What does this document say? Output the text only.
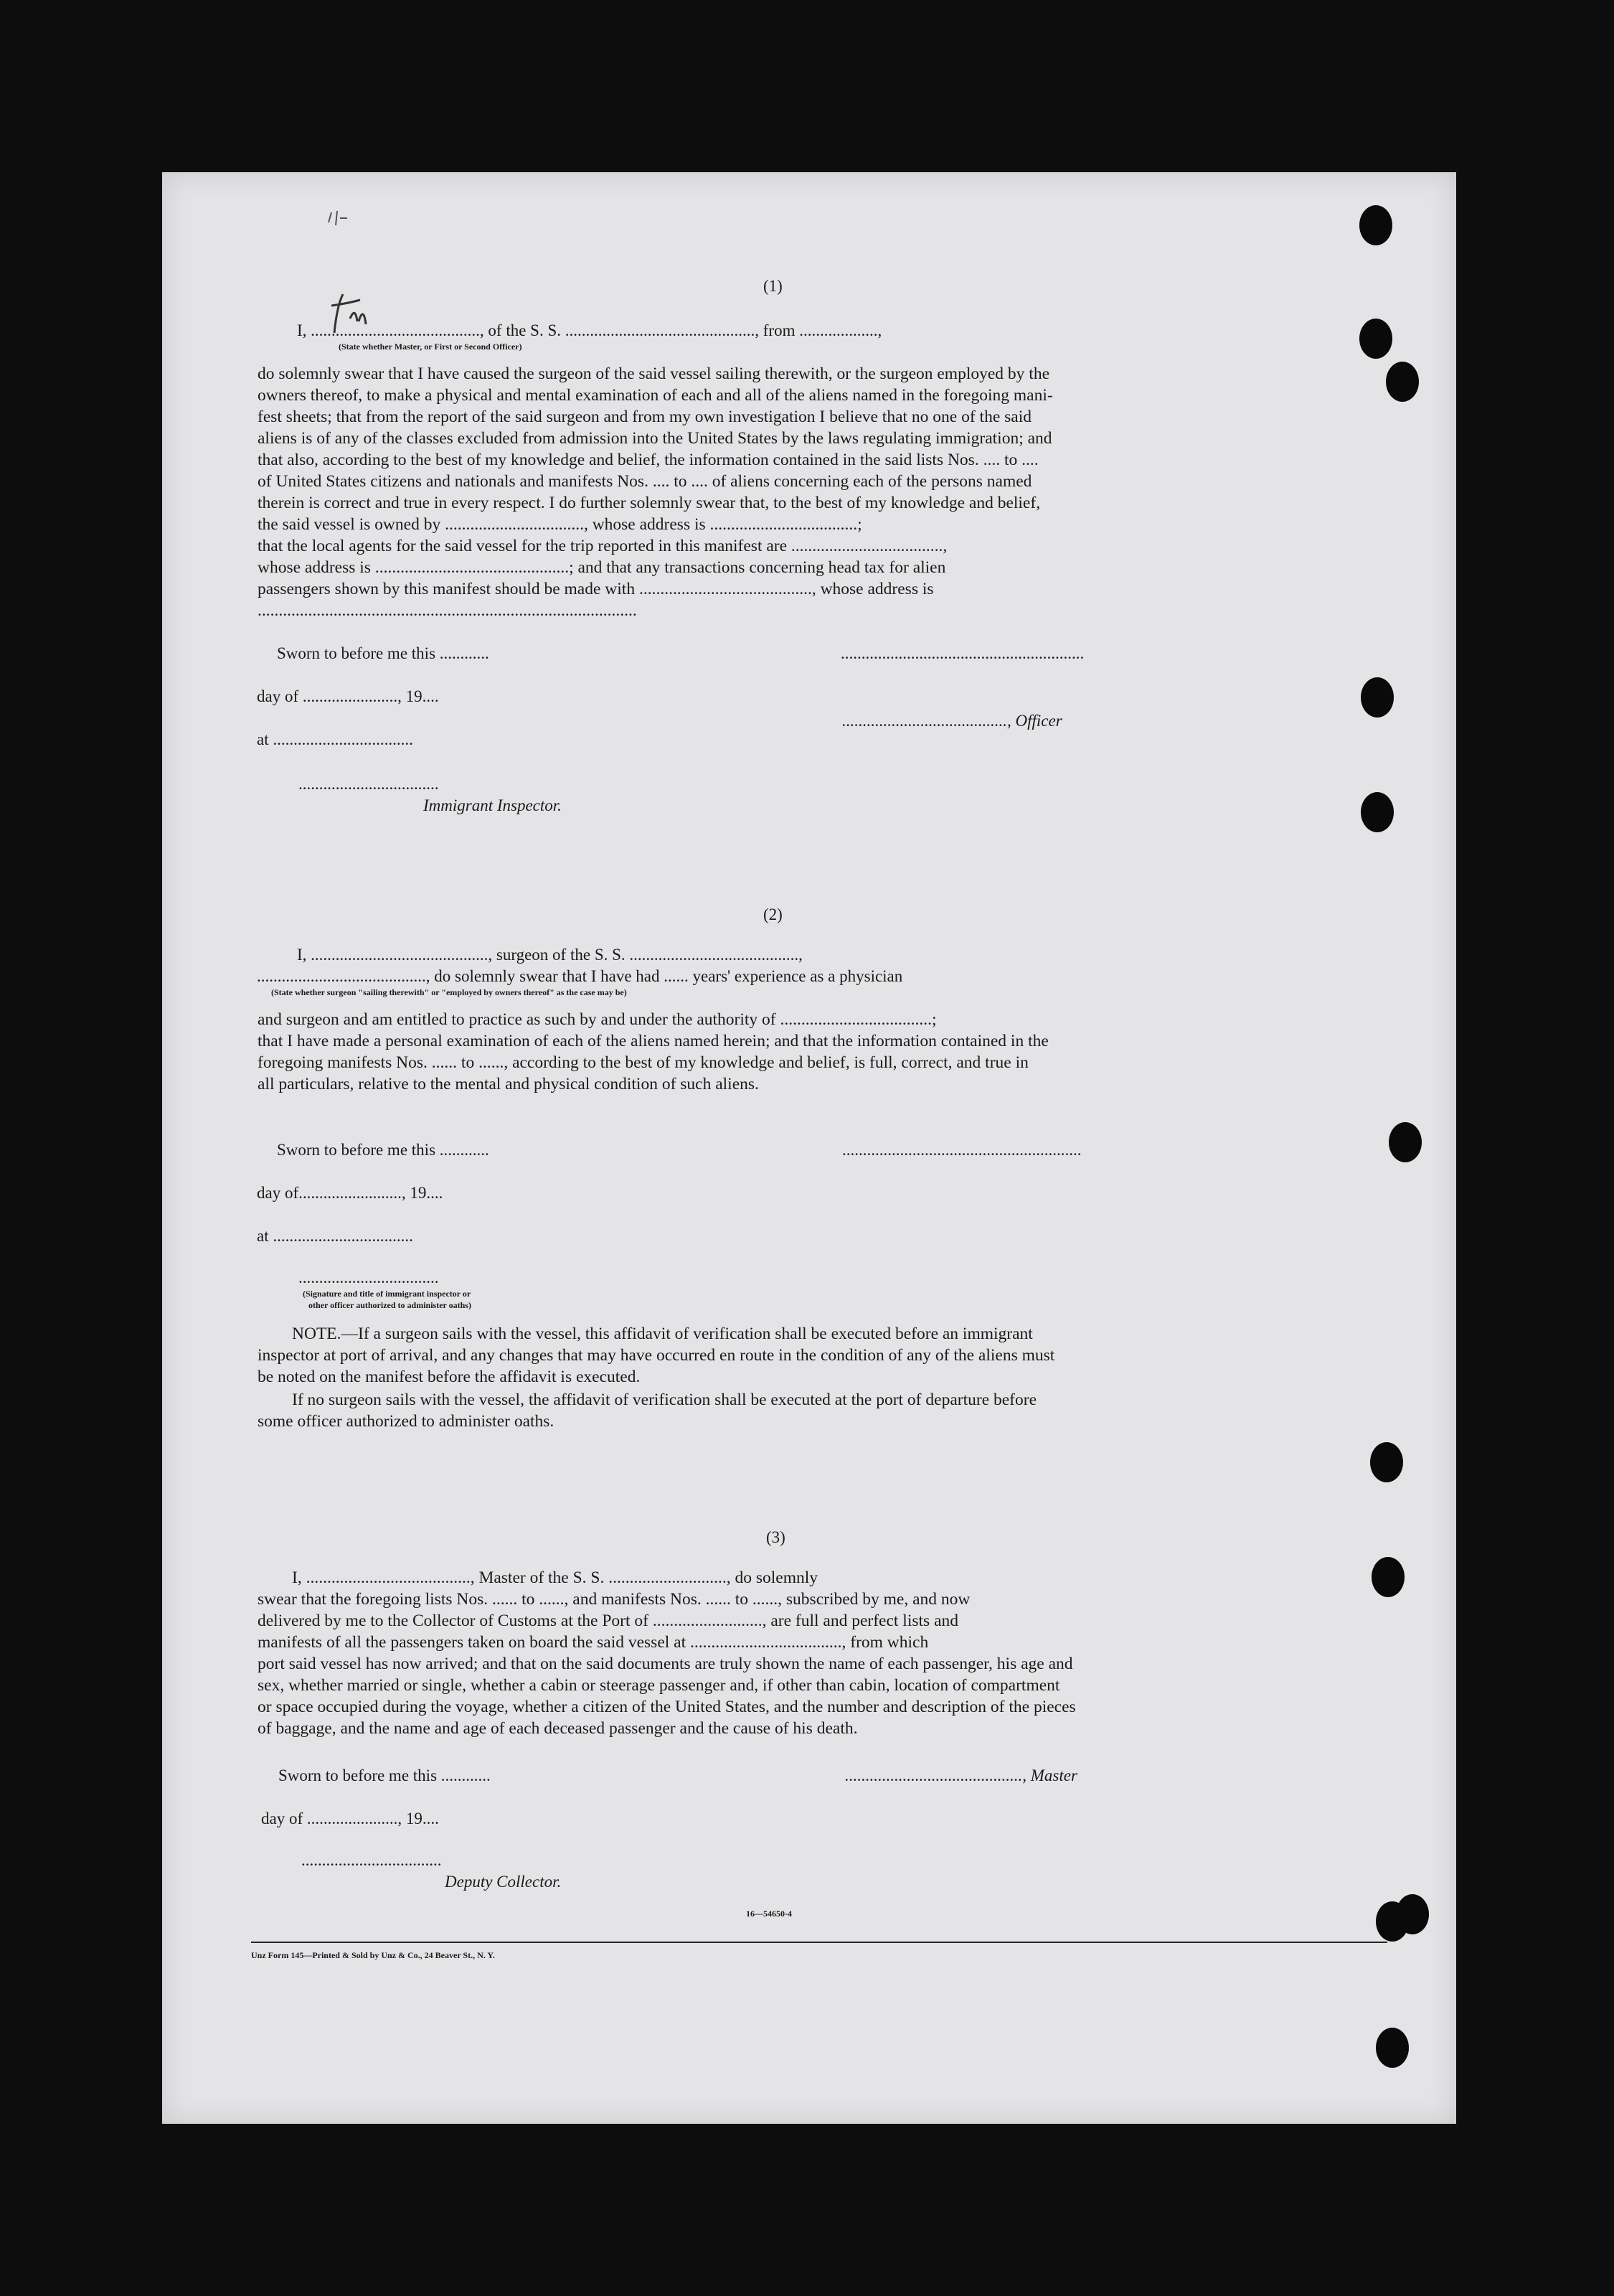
(1)
I, ........................................., of the S. S. .............................................., from ...................,
(State whether Master, or First or Second Officer)

do solemnly swear that I have caused the surgeon of the said vessel sailing therewith, or the surgeon employed by the

owners thereof, to make a physical and mental examination of each and all of the aliens named in the foregoing mani-

fest sheets; that from the report of the said surgeon and from my own investigation I believe that no one of the said

aliens is of any of the classes excluded from admission into the United States by the laws regulating immigration; and

that also, according to the best of my knowledge and belief, the information contained in the said lists Nos. .... to ....

of United States citizens and nationals and manifests Nos. .... to .... of aliens concerning each of the persons named

therein is correct and true in every respect. I do further solemnly swear that, to the best of my knowledge and belief,

the said vessel is owned by ................................., whose address is ...................................;

that the local agents for the said vessel for the trip reported in this manifest are ....................................,

whose address is ..............................................; and that any transactions concerning head tax for alien

passengers shown by this manifest should be made with ........................................., whose address is

..........................................................................................

Sworn to before me this ............
day of ......................., 19....
at ..................................
..................................
Immigrant Inspector.
...........................................................
........................................, Officer
(2)
I, ..........................................., surgeon of the S. S. .........................................,
........................................., do solemnly swear that I have had ...... years' experience as a physician
(State whether surgeon "sailing therewith" or "employed by owners thereof" as the case may be)

and surgeon and am entitled to practice as such by and under the authority of ....................................;

that I have made a personal examination of each of the aliens named herein; and that the information contained in the

foregoing manifests Nos. ...... to ......, according to the best of my knowledge and belief, is full, correct, and true in

all particulars, relative to the mental and physical condition of such aliens.

Sworn to before me this ............
day of........................., 19....
at ..................................
..................................
(Signature and title of immigrant inspector or
other officer authorized to administer oaths)
..........................................................

NOTE.—If a surgeon sails with the vessel, this affidavit of verification shall be executed before an immigrant

inspector at port of arrival, and any changes that may have occurred en route in the condition of any of the aliens must

be noted on the manifest before the affidavit is executed.

If no surgeon sails with the vessel, the affidavit of verification shall be executed at the port of departure before

some officer authorized to administer oaths.

(3)

I, ......................................., Master of the S. S. ............................, do solemnly

swear that the foregoing lists Nos. ...... to ......, and manifests Nos. ...... to ......, subscribed by me, and now

delivered by me to the Collector of Customs at the Port of .........................., are full and perfect lists and

manifests of all the passengers taken on board the said vessel at ...................................., from which

port said vessel has now arrived; and that on the said documents are truly shown the name of each passenger, his age and

sex, whether married or single, whether a cabin or steerage passenger and, if other than cabin, location of compartment

or space occupied during the voyage, whether a citizen of the United States, and the number and description of the pieces

of baggage, and the name and age of each deceased passenger and the cause of his death.

Sworn to before me this ............
day of ......................, 19....
..................................
Deputy Collector.
..........................................., Master
16—54650-4
Unz Form 145—Printed & Sold by Unz & Co., 24 Beaver St., N. Y.
